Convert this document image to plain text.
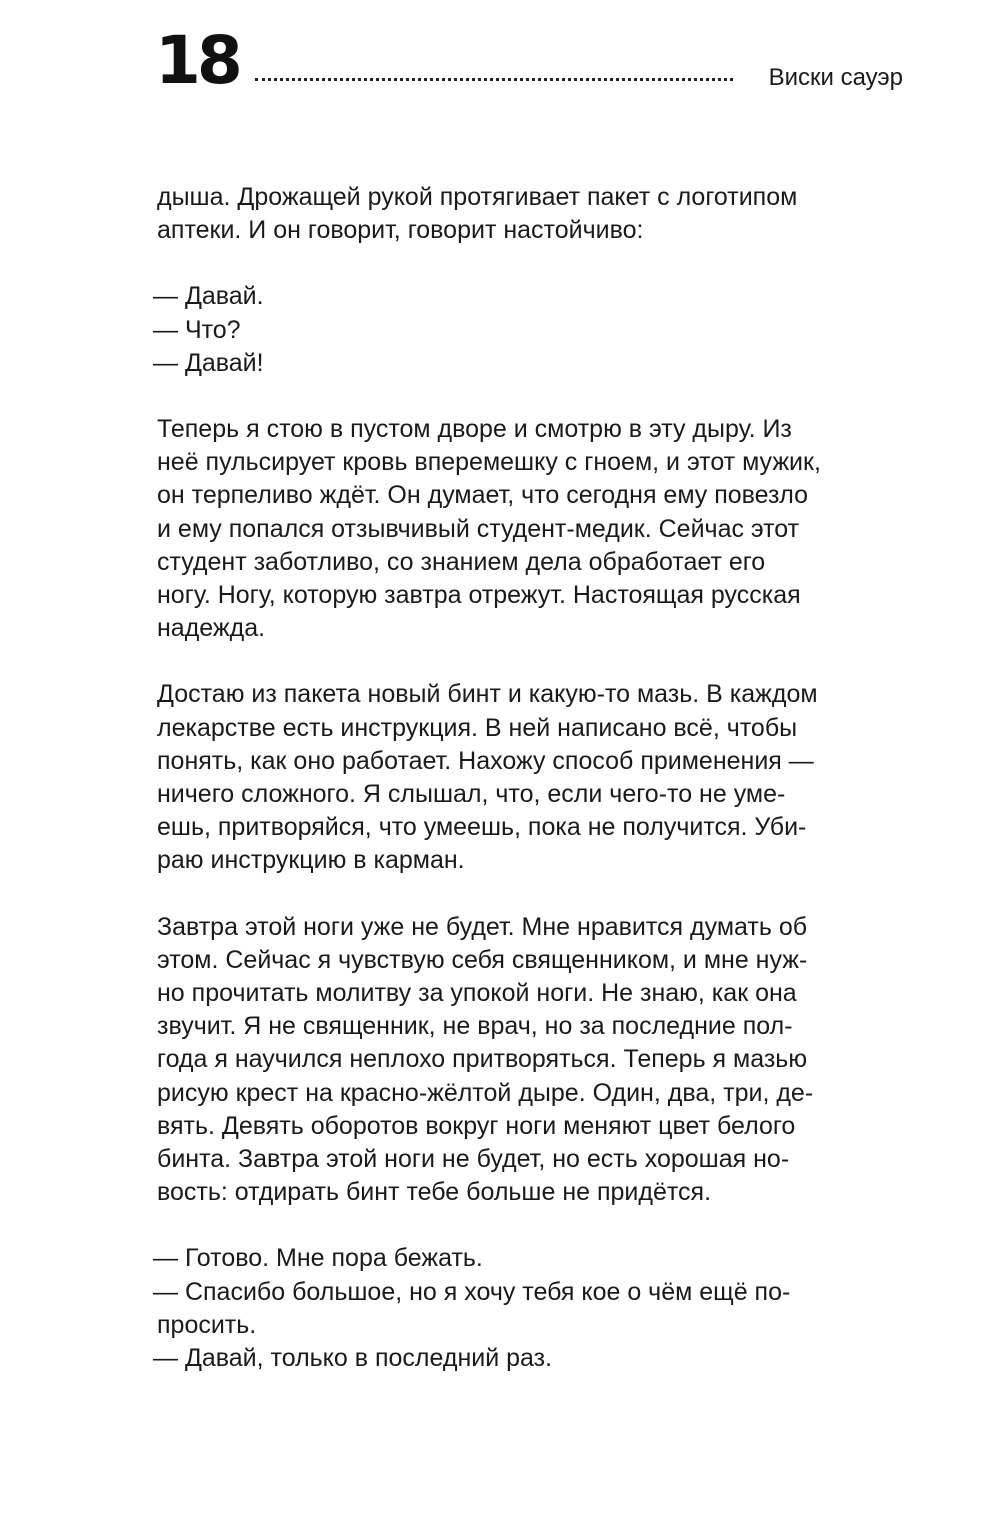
18	Виски сауэр
дыша. Дрожащей рукой протягивает пакет с логотипом
аптеки. И он говорит, говорит настойчиво:
— Давай.
— Что?
— Давай!
Теперь я стою в пустом дворе и смотрю в эту дыру. Из
неё пульсирует кровь вперемешку с гноем, и этот мужик,
он терпеливо ждёт. Он думает, что сегодня ему повезло
и ему попался отзывчивый студент-медик. Сейчас этот
студент заботливо, со знанием дела обработает его
ногу. Ногу, которую завтра отрежут. Настоящая русская
надежда.
Достаю из пакета новый бинт и какую-то мазь. В каждом
лекарстве есть инструкция. В ней написано всё, чтобы
понять, как оно работает. Нахожу способ применения —
ничего сложного. Я слышал, что, если чего-то не уме-
ешь, притворяйся, что умеешь, пока не получится. Уби-
раю инструкцию в карман.
Завтра этой ноги уже не будет. Мне нравится думать об
этом. Сейчас я чувствую себя священником, и мне нуж-
но прочитать молитву за упокой ноги. Не знаю, как она
звучит. Я не священник, не врач, но за последние пол-
года я научился неплохо притворяться. Теперь я мазью
рисую крест на красно-жёлтой дыре. Один, два, три, де-
вять. Девять оборотов вокруг ноги меняют цвет белого
бинта. Завтра этой ноги не будет, но есть хорошая но-
вость: отдирать бинт тебе больше не придётся.
— Готово. Мне пора бежать.
— Спасибо большое, но я хочу тебя кое о чём ещё по-
просить.
— Давай, только в последний раз.
